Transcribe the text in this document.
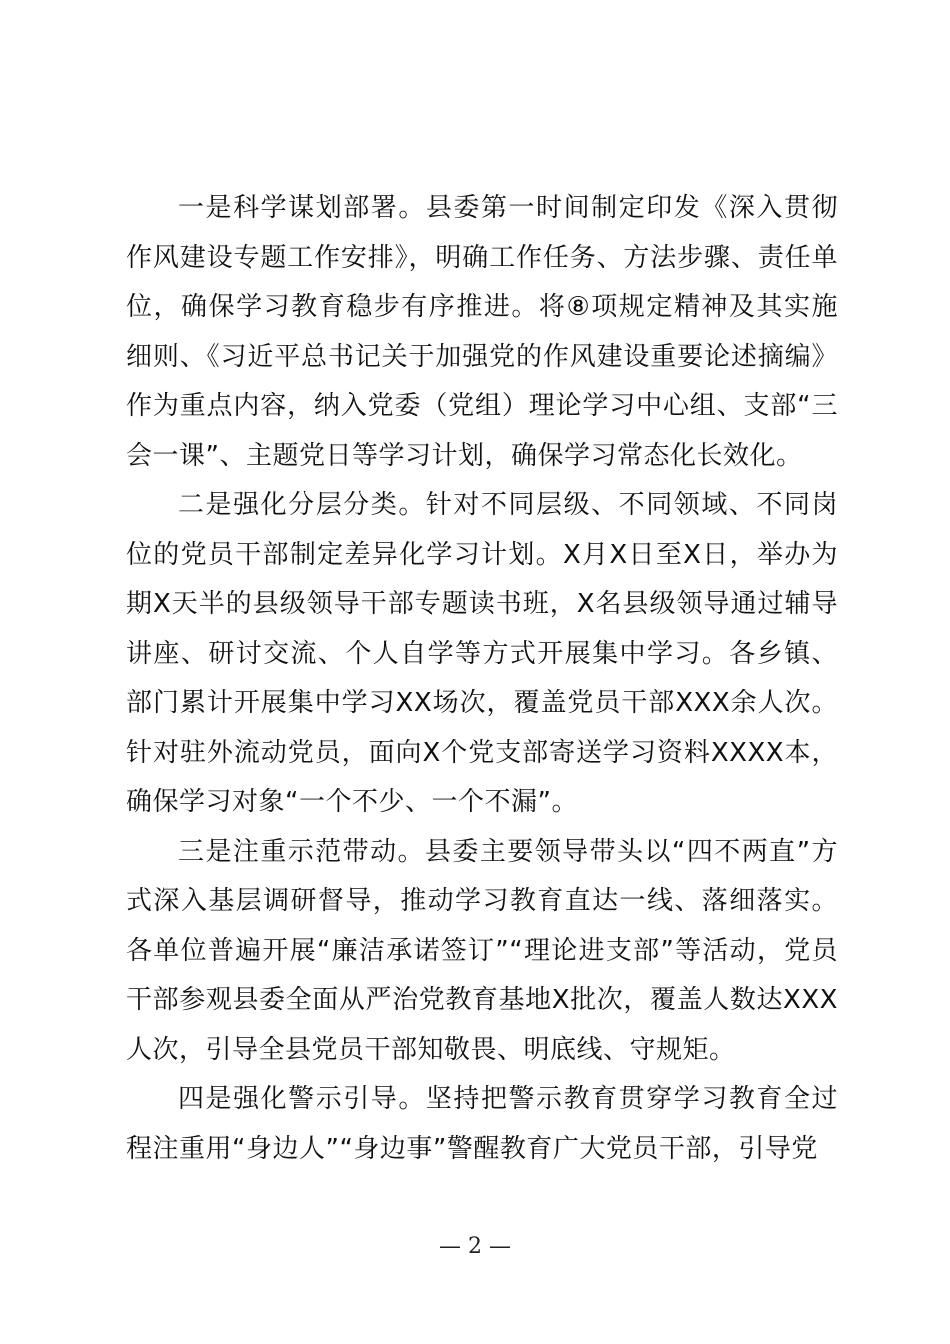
一是科学谋划部署。县委第一时间制定印发《深入贯彻作风建设专题工作安排》，明确工作任务、方法步骤、责任单位，确保学习教育稳步有序推进。将⑧项规定精神及其实施细则、《习近平总书记关于加强党的作风建设重要论述摘编》作为重点内容，纳入党委（党组）理论学习中心组、支部“三会一课”、主题党日等学习计划，确保学习常态化长效化。

二是强化分层分类。针对不同层级、不同领域、不同岗位的党员干部制定差异化学习计划。X月X日至X日，举办为期X天半的县级领导干部专题读书班，X名县级领导通过辅导讲座、研讨交流、个人自学等方式开展集中学习。各乡镇、部门累计开展集中学习XX场次，覆盖党员干部XXX余人次。针对驻外流动党员，面向X个党支部寄送学习资料XXXX本，确保学习对象“一个不少、一个不漏”。

三是注重示范带动。县委主要领导带头以“四不两直”方式深入基层调研督导，推动学习教育直达一线、落细落实。各单位普遍开展“廉洁承诺签订”“理论进支部”等活动，党员干部参观县委全面从严治党教育基地X批次，覆盖人数达XXX人次，引导全县党员干部知敬畏、明底线、守规矩。

四是强化警示引导。坚持把警示教育贯穿学习教育全过程注重用“身边人”“身边事”警醒教育广大党员干部，引导党

— 2 —
